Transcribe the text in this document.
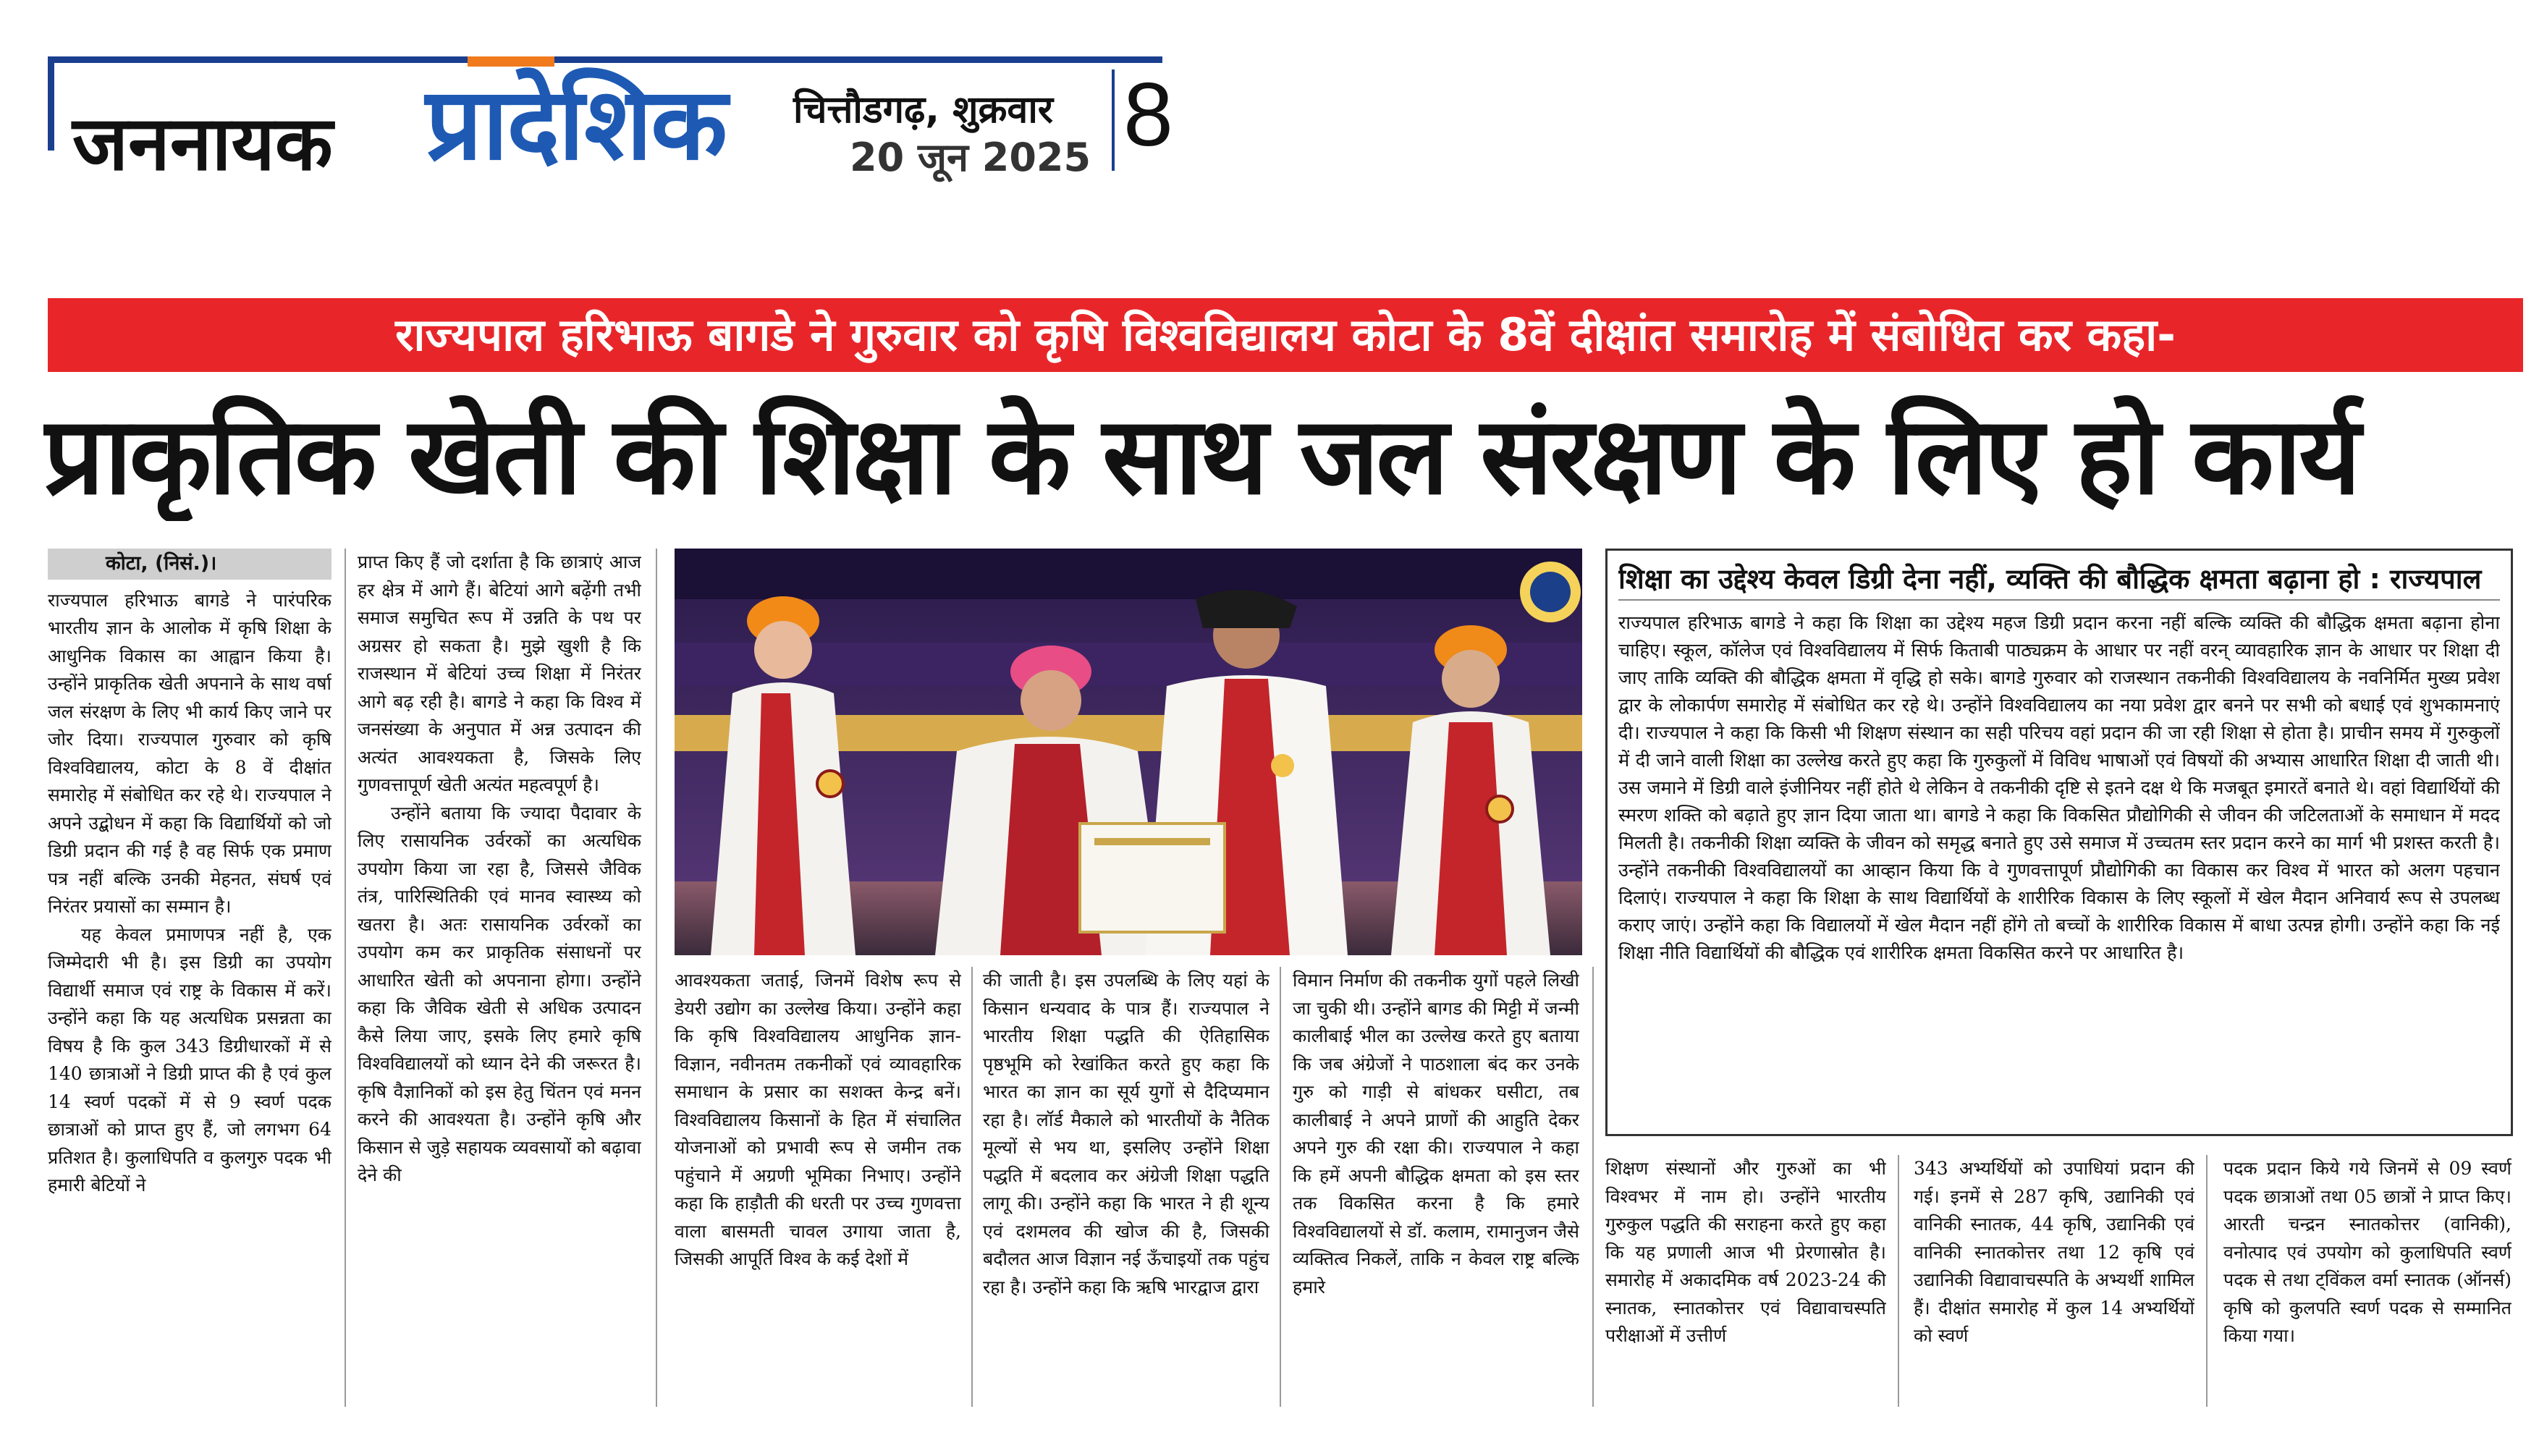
जननायक प्रादेशिक चित्तौडगढ़, शुक्रवार
20 जून 2025 8
राज्यपाल हरिभाऊ बागडे ने गुरुवार को कृषि विश्वविद्यालय कोटा के 8वें दीक्षांत समारोह में संबोधित कर कहा-
प्राकृतिक खेती की शिक्षा के साथ जल संरक्षण के लिए हो कार्य
कोटा, (निसं.)।

राज्यपाल हरिभाऊ बागडे ने पारंपरिक भारतीय ज्ञान के आलोक में कृषि शिक्षा के आधुनिक विकास का आह्वान किया है। उन्होंने प्राकृतिक खेती अपनाने के साथ वर्षा जल संरक्षण के लिए भी कार्य किए जाने पर जोर दिया। राज्यपाल गुरुवार को कृषि विश्वविद्यालय, कोटा के 8 वें दीक्षांत समारोह में संबोधित कर रहे थे। राज्यपाल ने अपने उद्बोधन में कहा कि विद्यार्थियों को जो डिग्री प्रदान की गई है वह सिर्फ एक प्रमाण पत्र नहीं बल्कि उनकी मेहनत, संघर्ष एवं निरंतर प्रयासों का सम्मान है।

यह केवल प्रमाणपत्र नहीं है, एक जिम्मेदारी भी है। इस डिग्री का उपयोग विद्यार्थी समाज एवं राष्ट्र के विकास में करें। उन्होंने कहा कि यह अत्यधिक प्रसन्नता का विषय है कि कुल 343 डिग्रीधारकों में से 140 छात्राओं ने डिग्री प्राप्त की है एवं कुल 14 स्वर्ण पदकों में से 9 स्वर्ण पदक छात्राओं को प्राप्त हुए हैं, जो लगभग 64 प्रतिशत है। कुलाधिपति व कुलगुरु पदक भी हमारी बेटियों ने

प्राप्त किए हैं जो दर्शाता है कि छात्राएं आज हर क्षेत्र में आगे हैं। बेटियां आगे बढ़ेंगी तभी समाज समुचित रूप में उन्नति के पथ पर अग्रसर हो सकता है। मुझे खुशी है कि राजस्थान में बेटियां उच्च शिक्षा में निरंतर आगे बढ़ रही है। बागडे ने कहा कि विश्व में जनसंख्या के अनुपात में अन्न उत्पादन की अत्यंत आवश्यकता है, जिसके लिए गुणवत्तापूर्ण खेती अत्यंत महत्वपूर्ण है।

उन्होंने बताया कि ज्यादा पैदावार के लिए रासायनिक उर्वरकों का अत्यधिक उपयोग किया जा रहा है, जिससे जैविक तंत्र, पारिस्थितिकी एवं मानव स्वास्थ्य को खतरा है। अतः रासायनिक उर्वरकों का उपयोग कम कर प्राकृतिक संसाधनों पर आधारित खेती को अपनाना होगा। उन्होंने कहा कि जैविक खेती से अधिक उत्पादन कैसे लिया जाए, इसके लिए हमारे कृषि विश्वविद्यालयों को ध्यान देने की जरूरत है। कृषि वैज्ञानिकों को इस हेतु चिंतन एवं मनन करने की आवश्यता है। उन्होंने कृषि और किसान से जुड़े सहायक व्यवसायों को बढ़ावा देने की

आवश्यकता जताई, जिनमें विशेष रूप से डेयरी उद्योग का उल्लेख किया। उन्होंने कहा कि कृषि विश्वविद्यालय आधुनिक ज्ञान-विज्ञान, नवीनतम तकनीकों एवं व्यावहारिक समाधान के प्रसार का सशक्त केन्द्र बनें। विश्वविद्यालय किसानों के हित में संचालित योजनाओं को प्रभावी रूप से जमीन तक पहुंचाने में अग्रणी भूमिका निभाए। उन्होंने कहा कि हाड़ौती की धरती पर उच्च गुणवत्ता वाला बासमती चावल उगाया जाता है, जिसकी आपूर्ति विश्व के कई देशों में

की जाती है। इस उपलब्धि के लिए यहां के किसान धन्यवाद के पात्र हैं। राज्यपाल ने भारतीय शिक्षा पद्धति की ऐतिहासिक पृष्ठभूमि को रेखांकित करते हुए कहा कि भारत का ज्ञान का सूर्य युगों से दैदिप्यमान रहा है। लॉर्ड मैकाले को भारतीयों के नैतिक मूल्यों से भय था, इसलिए उन्होंने शिक्षा पद्धति में बदलाव कर अंग्रेजी शिक्षा पद्धति लागू की। उन्होंने कहा कि भारत ने ही शून्य एवं दशमलव की खोज की है, जिसकी बदौलत आज विज्ञान नई ऊँचाइयों तक पहुंच रहा है। उन्होंने कहा कि ऋषि भारद्वाज द्वारा

विमान निर्माण की तकनीक युगों पहले लिखी जा चुकी थी। उन्होंने बागड की मिट्टी में जन्मी कालीबाई भील का उल्लेख करते हुए बताया कि जब अंग्रेजों ने पाठशाला बंद कर उनके गुरु को गाड़ी से बांधकर घसीटा, तब कालीबाई ने अपने प्राणों की आहुति देकर अपने गुरु की रक्षा की। राज्यपाल ने कहा कि हमें अपनी बौद्धिक क्षमता को इस स्तर तक विकसित करना है कि हमारे विश्वविद्यालयों से डॉ. कलाम, रामानुजन जैसे व्यक्तित्व निकलें, ताकि न केवल राष्ट्र बल्कि हमारे

शिक्षा का उद्देश्य केवल डिग्री देना नहीं, व्यक्ति की बौद्धिक क्षमता बढ़ाना हो : राज्यपाल

राज्यपाल हरिभाऊ बागडे ने कहा कि शिक्षा का उद्देश्य महज डिग्री प्रदान करना नहीं बल्कि व्यक्ति की बौद्धिक क्षमता बढ़ाना होना चाहिए। स्कूल, कॉलेज एवं विश्वविद्यालय में सिर्फ किताबी पाठ्यक्रम के आधार पर नहीं वरन् व्यावहारिक ज्ञान के आधार पर शिक्षा दी जाए ताकि व्यक्ति की बौद्धिक क्षमता में वृद्धि हो सके। बागडे गुरुवार को राजस्थान तकनीकी विश्वविद्यालय के नवनिर्मित मुख्य प्रवेश द्वार के लोकार्पण समारोह में संबोधित कर रहे थे। उन्होंने विश्वविद्यालय का नया प्रवेश द्वार बनने पर सभी को बधाई एवं शुभकामनाएं दी। राज्यपाल ने कहा कि किसी भी शिक्षण संस्थान का सही परिचय वहां प्रदान की जा रही शिक्षा से होता है। प्राचीन समय में गुरुकुलों में दी जाने वाली शिक्षा का उल्लेख करते हुए कहा कि गुरुकुलों में विविध भाषाओं एवं विषयों की अभ्यास आधारित शिक्षा दी जाती थी। उस जमाने में डिग्री वाले इंजीनियर नहीं होते थे लेकिन वे तकनीकी दृष्टि से इतने दक्ष थे कि मजबूत इमारतें बनाते थे। वहां विद्यार्थियों की स्मरण शक्ति को बढ़ाते हुए ज्ञान दिया जाता था। बागडे ने कहा कि विकसित प्रौद्योगिकी से जीवन की जटिलताओं के समाधान में मदद मिलती है। तकनीकी शिक्षा व्यक्ति के जीवन को समृद्ध बनाते हुए उसे समाज में उच्चतम स्तर प्रदान करने का मार्ग भी प्रशस्त करती है। उन्होंने तकनीकी विश्वविद्यालयों का आव्हान किया कि वे गुणवत्तापूर्ण प्रौद्योगिकी का विकास कर विश्व में भारत को अलग पहचान दिलाएं। राज्यपाल ने कहा कि शिक्षा के साथ विद्यार्थियों के शारीरिक विकास के लिए स्कूलों में खेल मैदान अनिवार्य रूप से उपलब्ध कराए जाएं। उन्होंने कहा कि विद्यालयों में खेल मैदान नहीं होंगे तो बच्चों के शारीरिक विकास में बाधा उत्पन्न होगी। उन्होंने कहा कि नई शिक्षा नीति विद्यार्थियों की बौद्धिक एवं शारीरिक क्षमता विकसित करने पर आधारित है।

शिक्षण संस्थानों और गुरुओं का भी विश्वभर में नाम हो। उन्होंने भारतीय गुरुकुल पद्धति की सराहना करते हुए कहा कि यह प्रणाली आज भी प्रेरणास्रोत है। समारोह में अकादमिक वर्ष 2023-24 की स्नातक, स्नातकोत्तर एवं विद्यावाचस्पति परीक्षाओं में उत्तीर्ण

343 अभ्यर्थियों को उपाधियां प्रदान की गई। इनमें से 287 कृषि, उद्यानिकी एवं वानिकी स्नातक, 44 कृषि, उद्यानिकी एवं वानिकी स्नातकोत्तर तथा 12 कृषि एवं उद्यानिकी विद्यावाचस्पति के अभ्यर्थी शामिल हैं। दीक्षांत समारोह में कुल 14 अभ्यर्थियों को स्वर्ण

पदक प्रदान किये गये जिनमें से 09 स्वर्ण पदक छात्राओं तथा 05 छात्रों ने प्राप्त किए। आरती चन्द्रन स्नातकोत्तर (वानिकी), वनोत्पाद एवं उपयोग को कुलाधिपति स्वर्ण पदक से तथा ट्विंकल वर्मा स्नातक (ऑनर्स) कृषि को कुलपति स्वर्ण पदक से सम्मानित किया गया।
